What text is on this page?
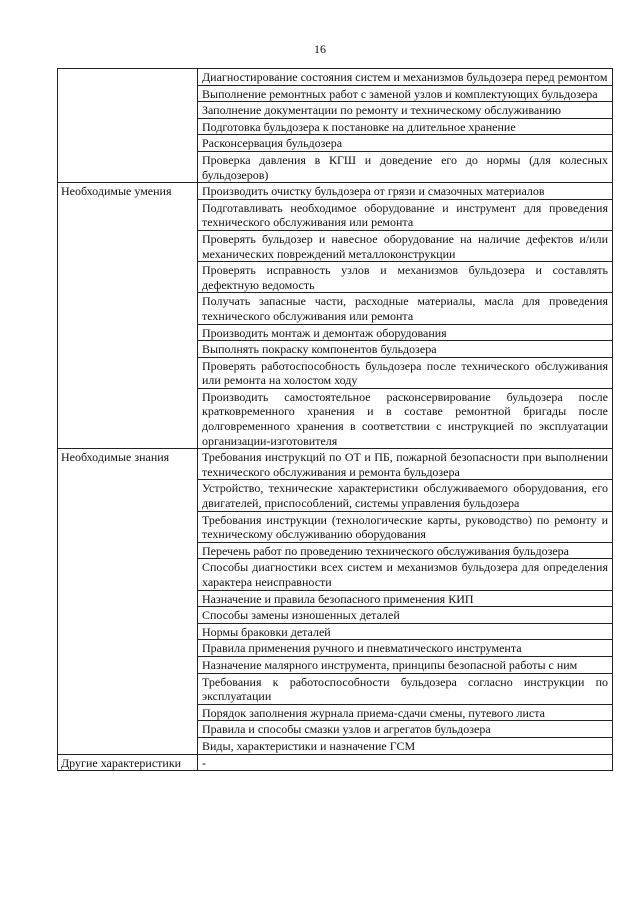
16
	Диагностирование состояния систем и механизмов бульдозера перед ремонтом
	Выполнение ремонтных работ с заменой узлов и комплектующих бульдозера
	Заполнение документации по ремонту и техническому обслуживанию
	Подготовка бульдозера к постановке на длительное хранение
	Расконсервация бульдозера
	Проверка давления в КГШ и доведение его до нормы (для колесных бульдозеров)
Необходимые умения	Производить очистку бульдозера от грязи и смазочных материалов
	Подготавливать необходимое оборудование и инструмент для проведения технического обслуживания или ремонта
	Проверять бульдозер и навесное оборудование на наличие дефектов и/или механических повреждений металлоконструкции
	Проверять исправность узлов и механизмов бульдозера и составлять дефектную ведомость
	Получать запасные части, расходные материалы, масла для проведения технического обслуживания или ремонта
	Производить монтаж и демонтаж оборудования
	Выполнять покраску компонентов бульдозера
	Проверять работоспособность бульдозера после технического обслуживания или ремонта на холостом ходу
	Производить самостоятельное расконсервирование бульдозера после кратковременного хранения и в составе ремонтной бригады после долговременного хранения в соответствии с инструкцией по эксплуатации организации-изготовителя
Необходимые знания	Требования инструкций по ОТ и ПБ, пожарной безопасности при выполнении технического обслуживания и ремонта бульдозера
	Устройство, технические характеристики обслуживаемого оборудования, его двигателей, приспособлений, системы управления бульдозера
	Требования инструкции (технологические карты, руководство) по ремонту и техническому обслуживанию оборудования
	Перечень работ по проведению технического обслуживания бульдозера
	Способы диагностики всех систем и механизмов бульдозера для определения характера неисправности
	Назначение и правила безопасного применения КИП
	Способы замены изношенных деталей
	Нормы браковки деталей
	Правила применения ручного и пневматического инструмента
	Назначение малярного инструмента, принципы безопасной работы с ним
	Требования к работоспособности бульдозера согласно инструкции по эксплуатации
	Порядок заполнения журнала приема-сдачи смены, путевого листа
	Правила и способы смазки узлов и агрегатов бульдозера
	Виды, характеристики и назначение ГСМ
Другие характеристики	-
